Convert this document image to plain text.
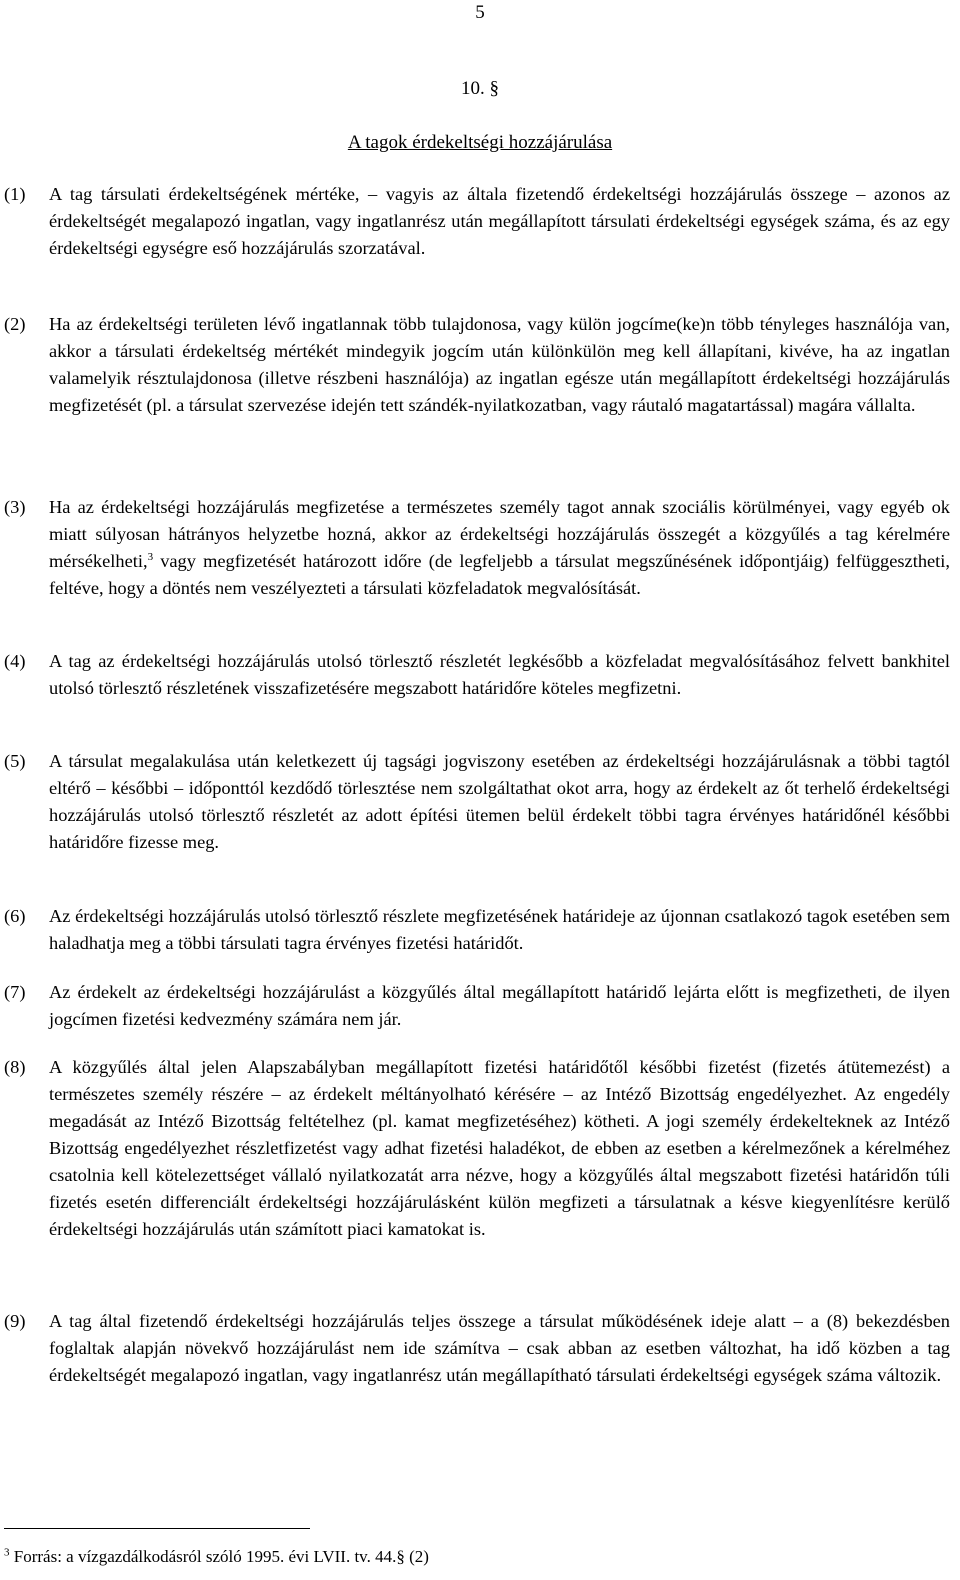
5
10. §
A tagok érdekeltségi hozzájárulása
(1)	A tag társulati érdekeltségének mértéke, – vagyis az általa fizetendő érdekeltségi hozzájárulás összege – azonos az érdekeltségét megalapozó ingatlan, vagy ingatlanrész után megállapított társulati érdekeltségi egységek száma, és az egy érdekeltségi egységre eső hozzájárulás szorzatával.
(2)	Ha az érdekeltségi területen lévő ingatlannak több tulajdonosa, vagy külön jogcíme(ke)n több tényleges használója van, akkor a társulati érdekeltség mértékét mindegyik jogcím után különkülön meg kell állapítani, kivéve, ha az ingatlan valamelyik résztulajdonosa (illetve részbeni használója) az ingatlan egésze után megállapított érdekeltségi hozzájárulás megfizetését (pl. a társulat szervezése idején tett szándék-nyilatkozatban, vagy ráutaló magatartással) magára vállalta.
(3)	Ha az érdekeltségi hozzájárulás megfizetése a természetes személy tagot annak szociális körülményei, vagy egyéb ok miatt súlyosan hátrányos helyzetbe hozná, akkor az érdekeltségi hozzájárulás összegét a közgyűlés a tag kérelmére mérsékelheti,$^3$ vagy megfizetését határozott időre (de legfeljebb a társulat megszűnésének időpontjáig) felfüggesztheti, feltéve, hogy a döntés nem veszélyezteti a társulati közfeladatok megvalósítását.
(4)	A tag az érdekeltségi hozzájárulás utolsó törlesztő részletét legkésőbb a közfeladat megvalósításához felvett bankhitel utolsó törlesztő részletének visszafizetésére megszabott határidőre köteles megfizetni.
(5)	A társulat megalakulása után keletkezett új tagsági jogviszony esetében az érdekeltségi hozzájárulásnak a többi tagtól eltérő – későbbi – időponttól kezdődő törlesztése nem szolgáltathat okot arra, hogy az érdekelt az őt terhelő érdekeltségi hozzájárulás utolsó törlesztő részletét az adott építési ütemen belül érdekelt többi tagra érvényes határidőnél későbbi határidőre fizesse meg.
(6)	Az érdekeltségi hozzájárulás utolsó törlesztő részlete megfizetésének határideje az újonnan csatlakozó tagok esetében sem haladhatja meg a többi társulati tagra érvényes fizetési határidőt.
(7)	Az érdekelt az érdekeltségi hozzájárulást a közgyűlés által megállapított határidő lejárta előtt is megfizetheti, de ilyen jogcímen fizetési kedvezmény számára nem jár.
(8)	A közgyűlés által jelen Alapszabályban megállapított fizetési határidőtől későbbi fizetést (fizetés átütemezést) a természetes személy részére – az érdekelt méltányolható kérésére – az Intéző Bizottság engedélyezhet. Az engedély megadását az Intéző Bizottság feltételhez (pl. kamat megfizetéséhez) kötheti. A jogi személy érdekelteknek az Intéző Bizottság engedélyezhet részletfizetést vagy adhat fizetési haladékot, de ebben az esetben a kérelmezőnek a kérelméhez csatolnia kell kötelezettséget vállaló nyilatkozatát arra nézve, hogy a közgyűlés által megszabott fizetési határidőn túli fizetés esetén differenciált érdekeltségi hozzájárulásként külön megfizeti a társulatnak a késve kiegyenlítésre kerülő érdekeltségi hozzájárulás után számított piaci kamatokat is.
(9)	A tag által fizetendő érdekeltségi hozzájárulás teljes összege a társulat működésének ideje alatt – a (8) bekezdésben foglaltak alapján növekvő hozzájárulást nem ide számítva – csak abban az esetben változhat, ha idő közben a tag érdekeltségét megalapozó ingatlan, vagy ingatlanrész után megállapítható társulati érdekeltségi egységek száma változik.
$^3$ Forrás: a vízgazdálkodásról szóló 1995. évi LVII. tv. 44.§ (2)
